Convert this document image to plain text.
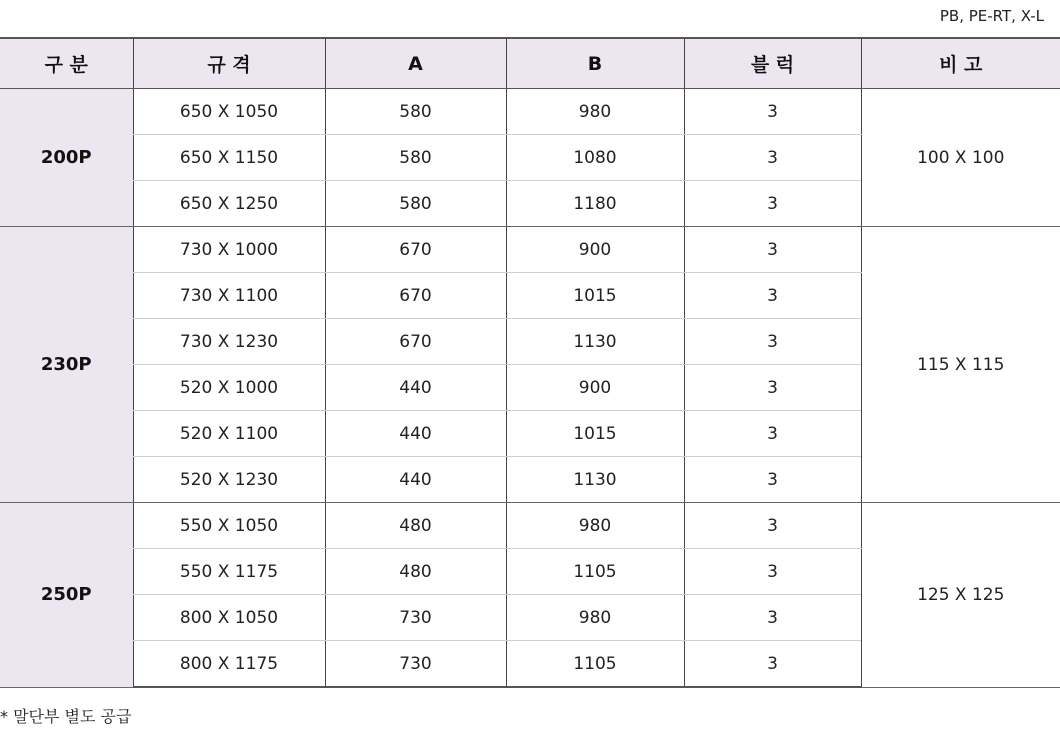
PB, PE-RT, X-L
구 분	규 격	A	B	블 럭	비 고
200P	650 X 1050	580	980	3	100 X 100
	650 X 1150	580	1080	3	
	650 X 1250	580	1180	3	
230P	730 X 1000	670	900	3	115 X 115
	730 X 1100	670	1015	3	
	730 X 1230	670	1130	3	
	520 X 1000	440	900	3	
	520 X 1100	440	1015	3	
	520 X 1230	440	1130	3	
250P	550 X 1050	480	980	3	125 X 125
	550 X 1175	480	1105	3	
	800 X 1050	730	980	3	
	800 X 1175	730	1105	3	
* 말단부 별도 공급
